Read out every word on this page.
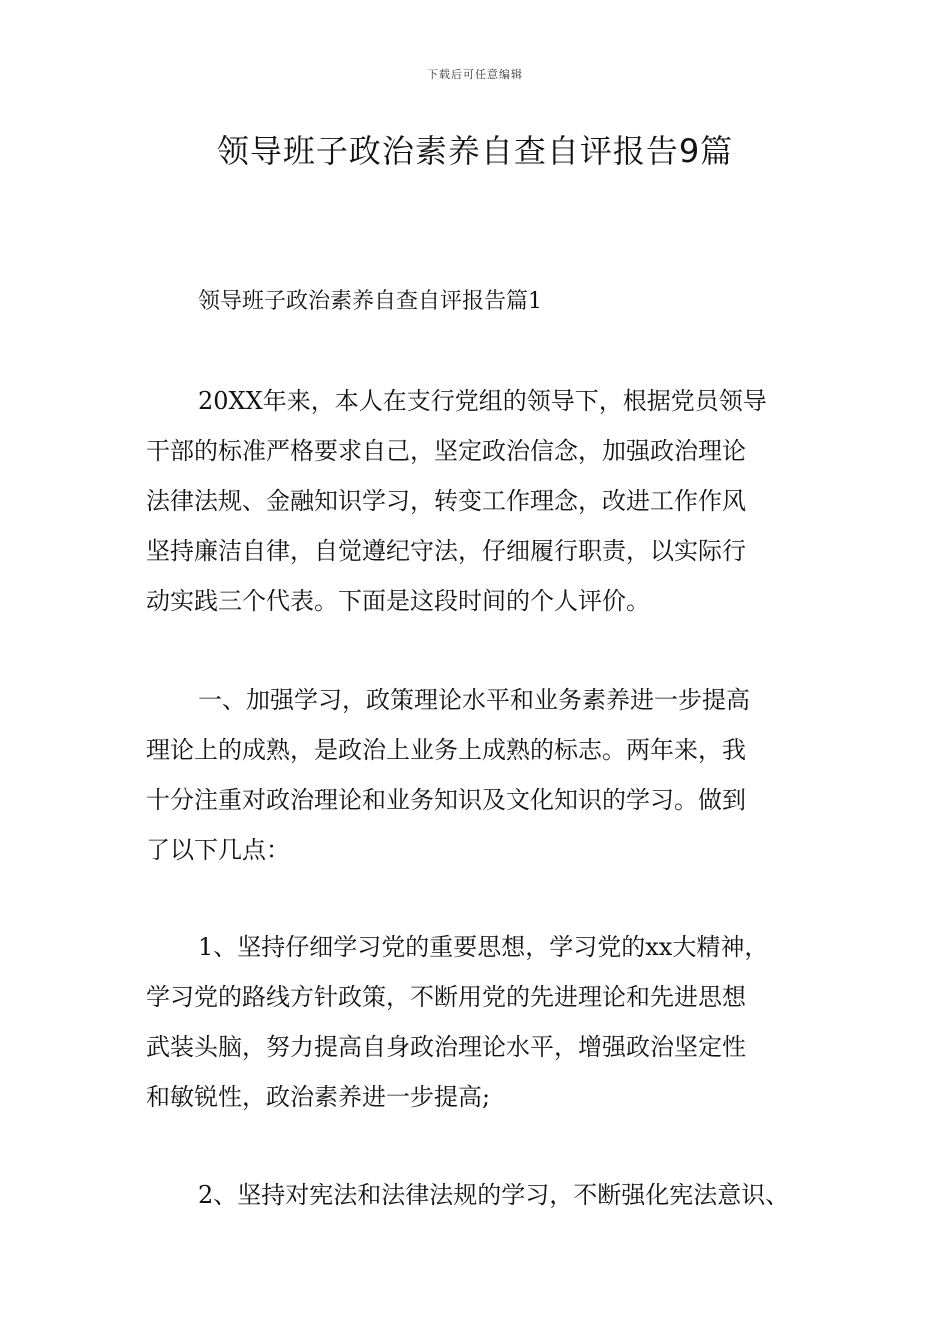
下载后可任意编辑
领导班子政治素养自查自评报告9篇
领导班子政治素养自查自评报告篇1
20XX年来，本人在支行党组的领导下，根据党员领导
干部的标准严格要求自己，坚定政治信念，加强政治理论
法律法规、金融知识学习，转变工作理念，改进工作作风
坚持廉洁自律，自觉遵纪守法，仔细履行职责，以实际行
动实践三个代表。下面是这段时间的个人评价。
一、加强学习，政策理论水平和业务素养进一步提高
理论上的成熟，是政治上业务上成熟的标志。两年来，我
十分注重对政治理论和业务知识及文化知识的学习。做到
了以下几点：
1、坚持仔细学习党的重要思想，学习党的xx大精神，
学习党的路线方针政策，不断用党的先进理论和先进思想
武装头脑，努力提高自身政治理论水平，增强政治坚定性
和敏锐性，政治素养进一步提高;
2、坚持对宪法和法律法规的学习，不断强化宪法意识、
